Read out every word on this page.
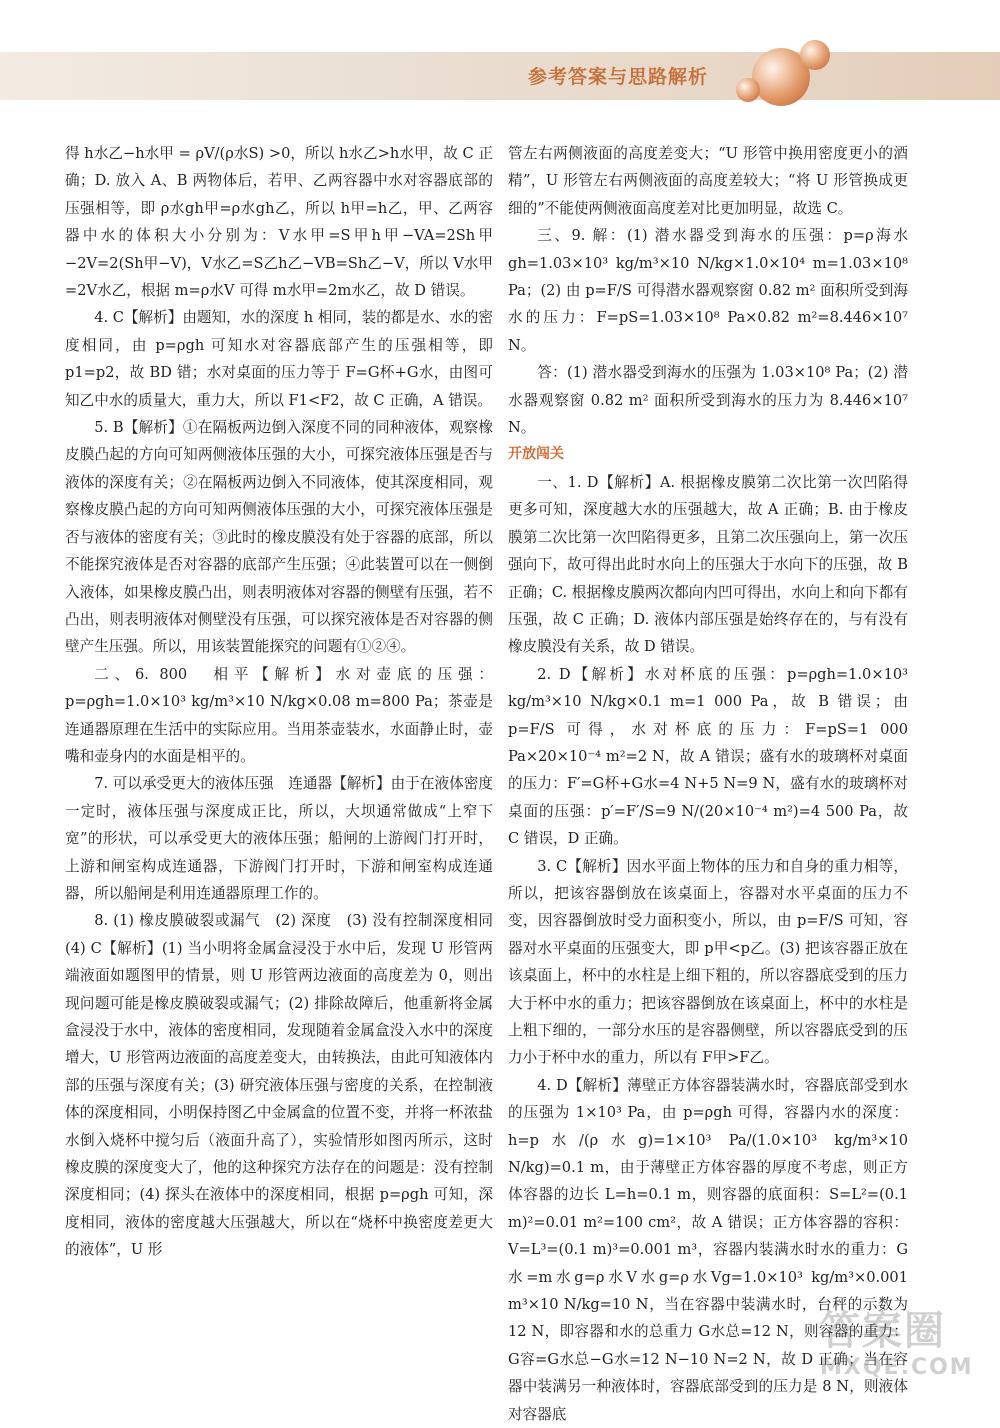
参考答案与思路解析

得 h水乙−h水甲 = ρV/(ρ水S) >0，所以 h水乙>h水甲，故 C 正确；D. 放入 A、B 两物体后，若甲、乙两容器中水对容器底部的压强相等，即 ρ水gh甲=ρ水gh乙，所以 h甲=h乙，甲、乙两容器中水的体积大小分别为：V水甲=S甲h甲−VA=2Sh甲−2V=2(Sh甲−V)，V水乙=S乙h乙−VB=Sh乙−V，所以 V水甲=2V水乙，根据 m=ρ水V 可得 m水甲=2m水乙，故 D 错误。

4. C【解析】由题知，水的深度 h 相同，装的都是水、水的密度相同，由 p=ρgh 可知水对容器底部产生的压强相等，即 p1=p2，故 BD 错；水对桌面的压力等于 F=G杯+G水，由图可知乙中水的质量大，重力大，所以 F1<F2，故 C 正确，A 错误。

5. B【解析】①在隔板两边倒入深度不同的同种液体，观察橡皮膜凸起的方向可知两侧液体压强的大小，可探究液体压强是否与液体的深度有关；②在隔板两边倒入不同液体，使其深度相同，观察橡皮膜凸起的方向可知两侧液体压强的大小，可探究液体压强是否与液体的密度有关；③此时的橡皮膜没有处于容器的底部，所以不能探究液体是否对容器的底部产生压强；④此装置可以在一侧倒入液体，如果橡皮膜凸出，则表明液体对容器的侧壁有压强，若不凸出，则表明液体对侧壁没有压强，可以探究液体是否对容器的侧壁产生压强。所以，用该装置能探究的问题有①②④。

二、6. 800　相平【解析】水对壶底的压强：p=ρgh=1.0×10³ kg/m³×10 N/kg×0.08 m=800 Pa；茶壶是连通器原理在生活中的实际应用。当用茶壶装水，水面静止时，壶嘴和壶身内的水面是相平的。

7. 可以承受更大的液体压强　连通器【解析】由于在液体密度一定时，液体压强与深度成正比，所以，大坝通常做成“上窄下宽”的形状，可以承受更大的液体压强；船闸的上游阀门打开时，上游和闸室构成连通器，下游阀门打开时，下游和闸室构成连通器，所以船闸是利用连通器原理工作的。

8. (1) 橡皮膜破裂或漏气　(2) 深度　(3) 没有控制深度相同　(4) C【解析】(1) 当小明将金属盒浸没于水中后，发现 U 形管两端液面如题图甲的情景，则 U 形管两边液面的高度差为 0，则出现问题可能是橡皮膜破裂或漏气；(2) 排除故障后，他重新将金属盒浸没于水中，液体的密度相同，发现随着金属盒没入水中的深度增大，U 形管两边液面的高度差变大，由转换法，由此可知液体内部的压强与深度有关；(3) 研究液体压强与密度的关系，在控制液体的深度相同，小明保持图乙中金属盒的位置不变，并将一杯浓盐水倒入烧杯中搅匀后（液面升高了），实验情形如图丙所示，这时橡皮膜的深度变大了，他的这种探究方法存在的问题是：没有控制深度相同；(4) 探头在液体中的深度相同，根据 p=ρgh 可知，深度相同，液体的密度越大压强越大，所以在“烧杯中换密度差更大的液体”，U 形

管左右两侧液面的高度差变大；“U 形管中换用密度更小的酒精”，U 形管左右两侧液面的高度差较大；“将 U 形管换成更细的”不能使两侧液面高度差对比更加明显，故选 C。

三、9. 解：(1) 潜水器受到海水的压强：p=ρ海水gh=1.03×10³ kg/m³×10 N/kg×1.0×10⁴ m=1.03×10⁸ Pa；(2) 由 p=F/S 可得潜水器观察窗 0.82 m² 面积所受到海水的压力：F=pS=1.03×10⁸ Pa×0.82 m²=8.446×10⁷ N。

答：(1) 潜水器受到海水的压强为 1.03×10⁸ Pa；(2) 潜水器观察窗 0.82 m² 面积所受到海水的压力为 8.446×10⁷ N。

开放闯关

一、1. D【解析】A. 根据橡皮膜第二次比第一次凹陷得更多可知，深度越大水的压强越大，故 A 正确；B. 由于橡皮膜第二次比第一次凹陷得更多，且第二次压强向上，第一次压强向下，故可得出此时水向上的压强大于水向下的压强，故 B 正确；C. 根据橡皮膜两次都向内凹可得出，水向上和向下都有压强，故 C 正确；D. 液体内部压强是始终存在的，与有没有橡皮膜没有关系，故 D 错误。

2. D【解析】水对杯底的压强：p=ρgh=1.0×10³ kg/m³×10 N/kg×0.1 m=1 000 Pa，故 B 错误；由 p=F/S 可得，水对杯底的压力：F=pS=1 000 Pa×20×10⁻⁴ m²=2 N，故 A 错误；盛有水的玻璃杯对桌面的压力：F′=G杯+G水=4 N+5 N=9 N，盛有水的玻璃杯对桌面的压强：p′=F′/S=9 N/(20×10⁻⁴ m²)=4 500 Pa，故 C 错误，D 正确。

3. C【解析】因水平面上物体的压力和自身的重力相等，所以，把该容器倒放在该桌面上，容器对水平桌面的压力不变，因容器倒放时受力面积变小，所以，由 p=F/S 可知，容器对水平桌面的压强变大，即 p甲<p乙。(3) 把该容器正放在该桌面上，杯中的水柱是上细下粗的，所以容器底受到的压力大于杯中水的重力；把该容器倒放在该桌面上，杯中的水柱是上粗下细的，一部分水压的是容器侧壁，所以容器底受到的压力小于杯中水的重力，所以有 F甲>F乙。

4. D【解析】薄壁正方体容器装满水时，容器底部受到水的压强为 1×10³ Pa，由 p=ρgh 可得，容器内水的深度：h=p水/(ρ水g)=1×10³ Pa/(1.0×10³ kg/m³×10 N/kg)=0.1 m，由于薄壁正方体容器的厚度不考虑，则正方体容器的边长 L=h=0.1 m，则容器的底面积：S=L²=(0.1 m)²=0.01 m²=100 cm²，故 A 错误；正方体容器的容积：V=L³=(0.1 m)³=0.001 m³，容器内装满水时水的重力：G水=m水g=ρ水V水g=ρ水Vg=1.0×10³ kg/m³×0.001 m³×10 N/kg=10 N，当在容器中装满水时，台秤的示数为 12 N，即容器和水的总重力 G水总=12 N，则容器的重力：G容=G水总−G水=12 N−10 N=2 N，故 D 正确；当在容器中装满另一种液体时，容器底部受到的压力是 8 N，则液体对容器底

答案圈
MXQE.COM
